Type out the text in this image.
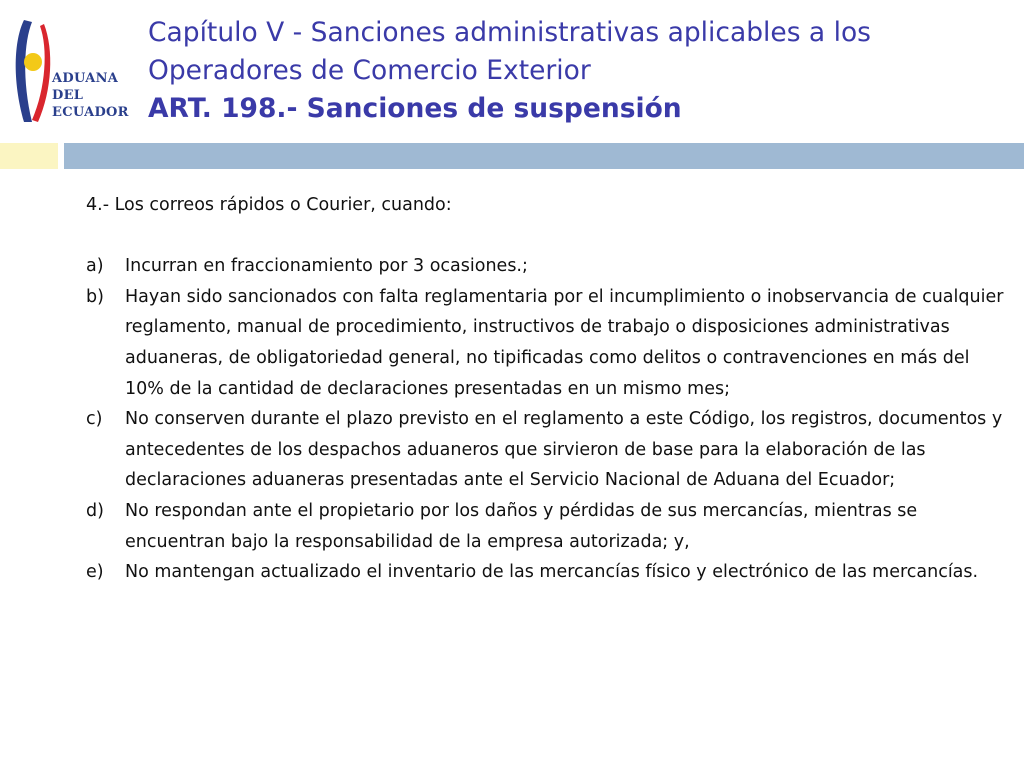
ADUANA
DEL
ECUADOR
Capítulo V - Sanciones administrativas aplicables a los
Operadores de Comercio Exterior
ART. 198.- Sanciones de suspensión

4.- Los correos rápidos o Courier, cuando:

a)	Incurran en fraccionamiento por 3 ocasiones.;
b)	Hayan sido sancionados con falta reglamentaria por el incumplimiento o inobservancia de cualquier reglamento, manual de procedimiento, instructivos de trabajo o disposiciones administrativas aduaneras, de obligatoriedad general, no tipificadas como delitos o contravenciones en más del 10% de la cantidad de declaraciones presentadas en un mismo mes;
c)	No conserven durante el plazo previsto en el reglamento a este Código, los registros, documentos y antecedentes de los despachos aduaneros que sirvieron de base para la elaboración de las declaraciones aduaneras presentadas ante el Servicio Nacional de Aduana del Ecuador;
d)	No respondan ante el propietario por los daños y pérdidas de sus mercancías, mientras se encuentran bajo la responsabilidad de la empresa autorizada; y,
e)	No mantengan actualizado el inventario de las mercancías físico y electrónico de las mercancías.
